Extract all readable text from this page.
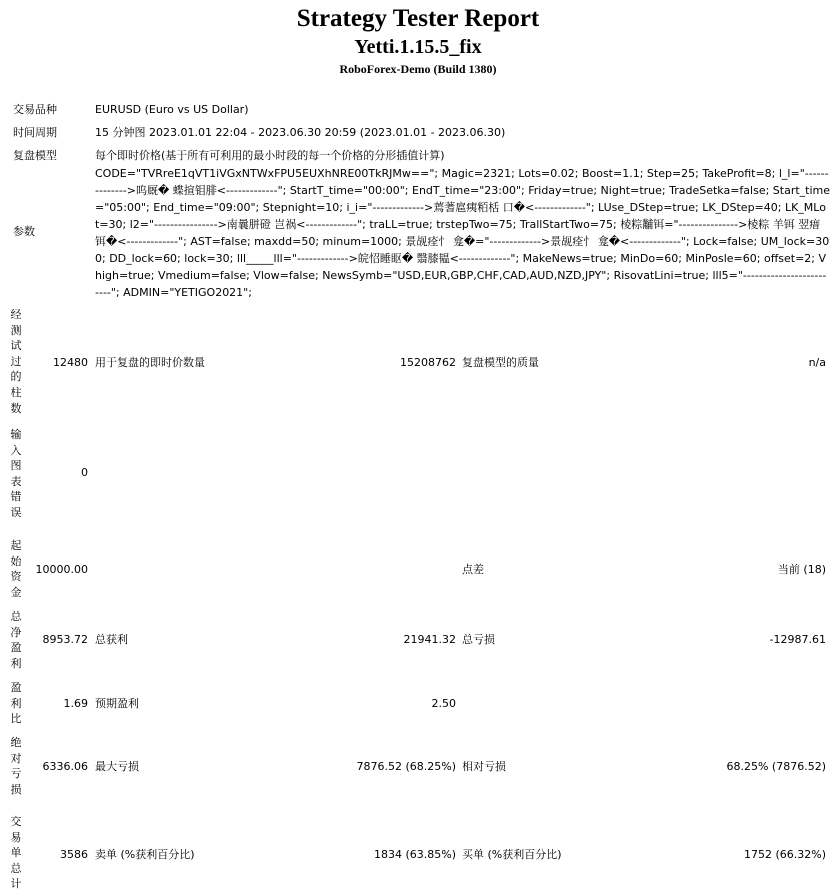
Strategy Tester Report
Yetti.1.15.5_fix
RoboForex-Demo (Build 1380)
交易品种	EURUSD (Euro vs US Dollar)
时间周期	15 分钟图 2023.01.01 22:04 - 2023.06.30 20:59 (2023.01.01 - 2023.06.30)
复盘模型	每个即时价格(基于所有可利用的最小时段的每一个价格的分形插值计算)
参数
CODE="TVRreE1qVT1iVGxNTWxFPU5EUXhNRE00TkRJMw=="; Magic=2321; Lots=0.02; Boost=1.1; Step=25; TakeProfit=8; l_l="-------------->呜厩� 蝶揎钼腓<-------------"; StartT_time="00:00"; EndT_time="23:00"; Friday=true; Night=true; TradeSetka=false; Start_time="05:00"; End_time="09:00"; Stepnight=10; i_i="------------->蔫蓍扈痍粨栝 口�<-------------"; LUse_DStep=true; LK_DStep=40; LK_MLot=30; l2="---------------->南曩胼磴 岂祸<-------------"; traLL=true; trstepTwo=75; TrallStartTwo=75; 棱粽黼铒="--------------->棱粽 羊铒 翌瘄铒�<-------------"; AST=false; maxdd=50; minum=1000; 景觇痊忄 龛�="------------->景觇痊忄 龛�<-------------"; Lock=false; UM_lock=300; DD_lock=60; lock=30; lll_____lll="------------->皖怊睡眍� 翳膝韫<-------------"; MakeNews=true; MinDo=60; MinPosle=60; offset=2; Vhigh=true; Vmedium=false; Vlow=false; NewsSymb="USD,EUR,GBP,CHF,CAD,AUD,NZD,JPY"; RisovatLini=true; lll5="-------------------------"; ADMIN="YETIGO2021";
经
测
试
过
的
柱
数
12480 用于复盘的即时价数量	15208762 复盘模型的质量	n/a
输
入
图
表
错
误
0
起
始
资
金
10000.00	点差	当前 (18)
总
净
盈
利
8953.72 总获利	21941.32 总亏损	-12987.61
盈
利
比
1.69 预期盈利	2.50
绝
对
亏
损
6336.06 最大亏损	7876.52 (68.25%) 相对亏损	68.25% (7876.52)
交
易
单
总
计
3586 卖单 (%获利百分比)	1834 (63.85%) 买单 (%获利百分比)	1752 (66.32%)
